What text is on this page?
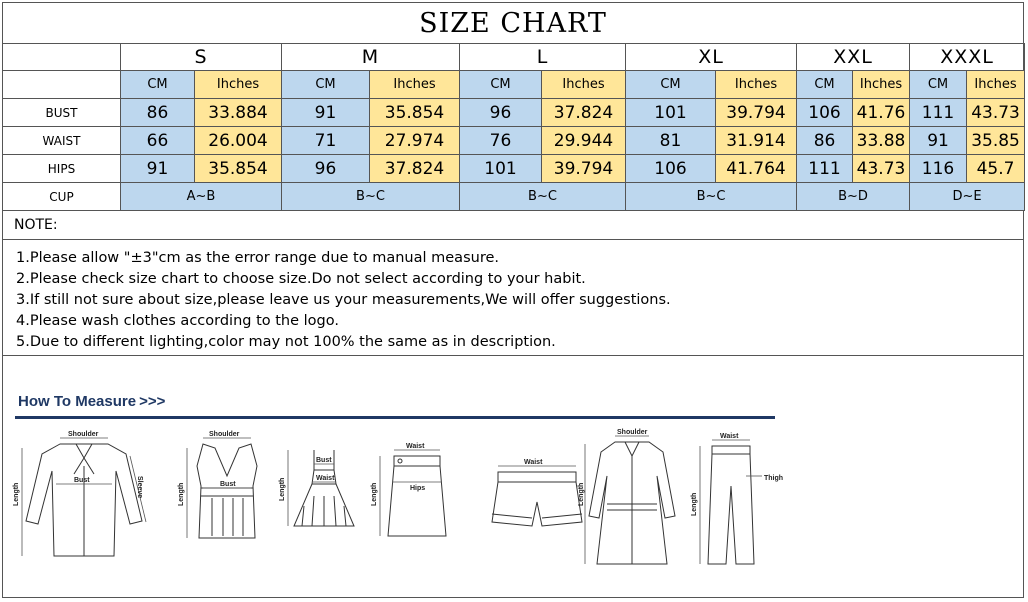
SIZE CHART
	S		M		L		XL		XXL		XXXL	
	CM	Ihches	CM	Ihches	CM	Ihches	CM	Ihches	CM	Ihches	CM	Ihches
BUST	86	33.884	91	35.854	96	37.824	101	39.794	106	41.76	111	43.73
WAIST	66	26.004	71	27.974	76	29.944	81	31.914	86	33.88	91	35.85
HIPS	91	35.854	96	37.824	101	39.794	106	41.764	111	43.73	116	45.7
CUP	A~B		B~C		B~C		B~C		B~D		D~E	
NOTE:
1.Please allow "±3"cm as the error range due to manual measure.
2.Please check size chart to choose size.Do not select according to your habit.
3.If still not sure about size,please leave us your measurements,We will offer suggestions.
4.Please wash clothes according to the logo.
5.Due to different lighting,color may not 100% the same as in description.
How To Measure >>>
Shoulder
Length
Bust	Sleeve
Shoulder
Length	Bust	Length
Bust
Waist
Waist
Length	Hips
Waist
Shoulder
Length
Waist
Length
Thigh
